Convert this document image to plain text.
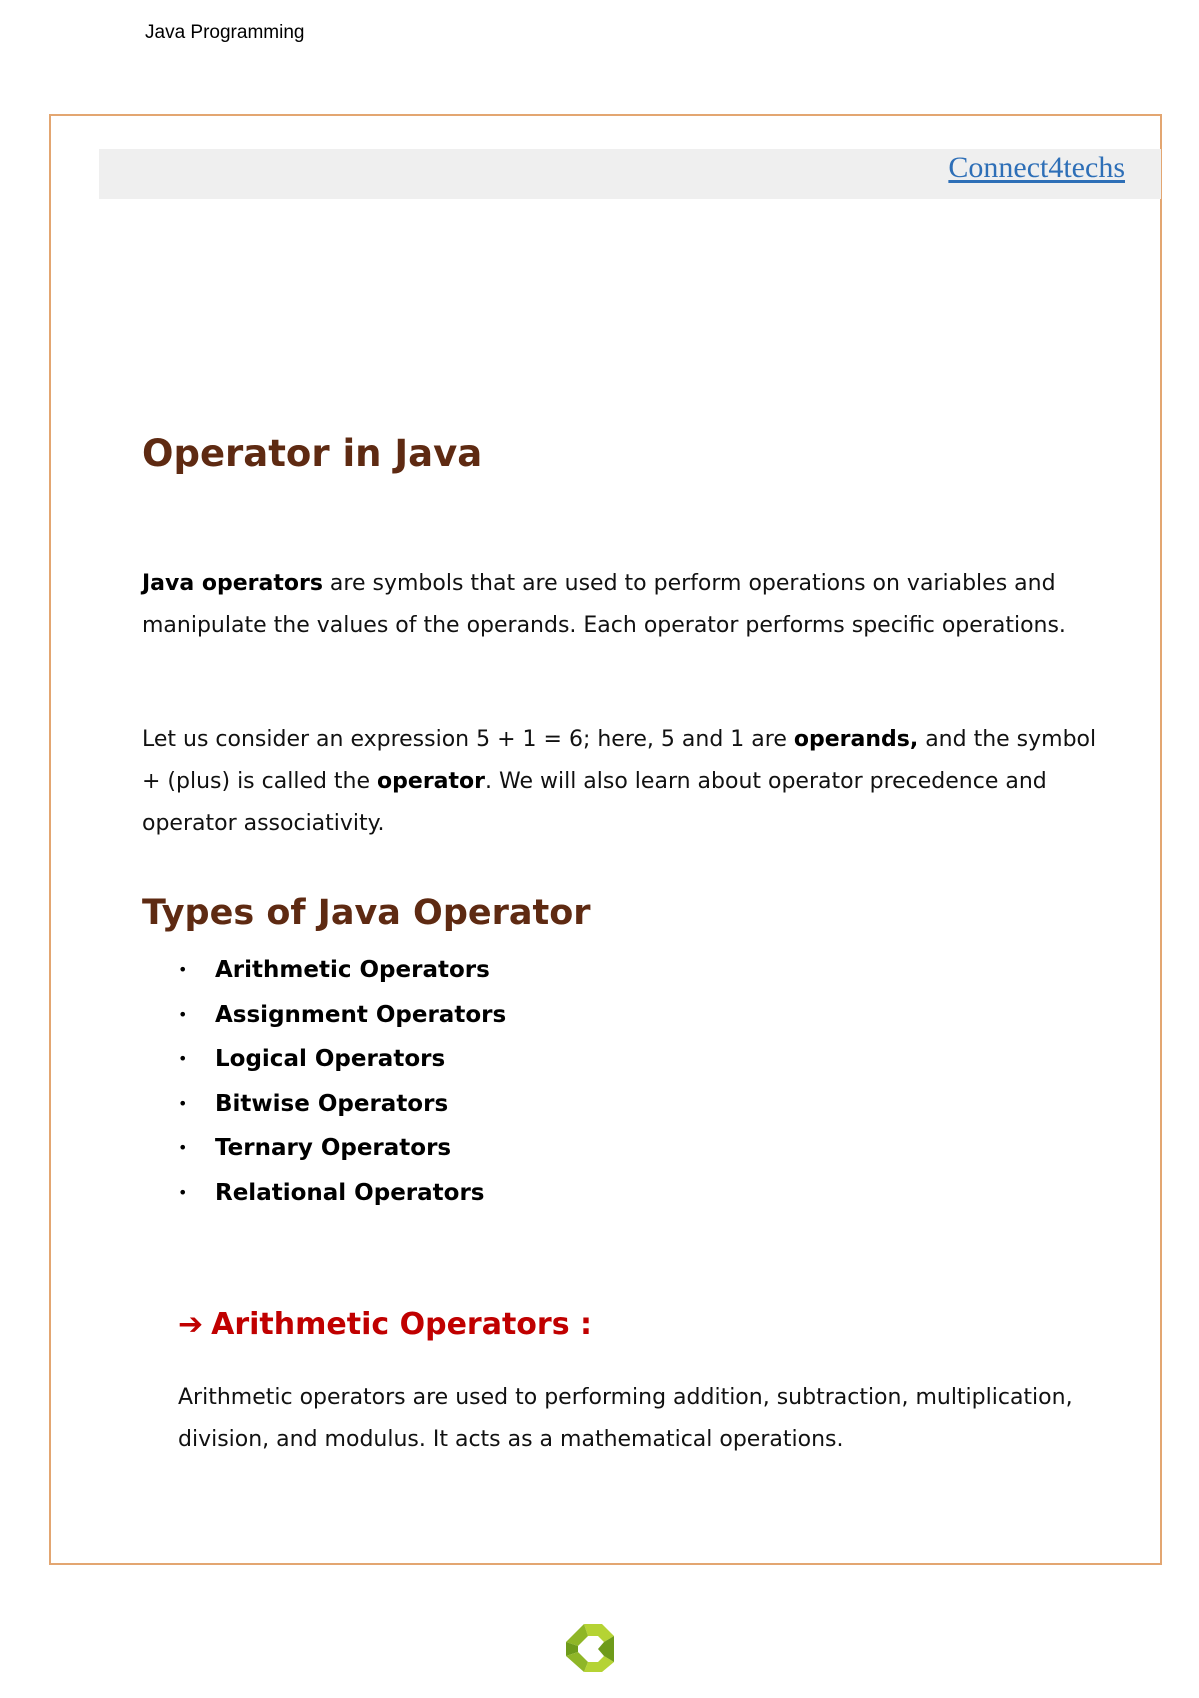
Java Programming
Connect4techs
Operator in Java

Java operators are symbols that are used to perform operations on variables and manipulate the values of the operands. Each operator performs specific operations.

Let us consider an expression 5 + 1 = 6; here, 5 and 1 are operands, and the symbol + (plus) is called the operator. We will also learn about operator precedence and operator associativity.

Types of Java Operator
• Arithmetic Operators
• Assignment Operators
• Logical Operators
• Bitwise Operators
• Ternary Operators
• Relational Operators
➔ Arithmetic Operators :

Arithmetic operators are used to performing addition, subtraction, multiplication, division, and modulus. It acts as a mathematical operations.
